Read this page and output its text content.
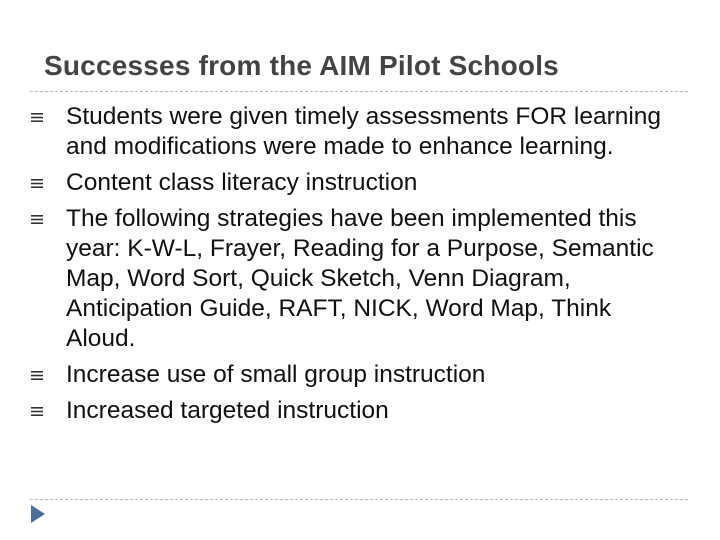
Successes from the AIM Pilot Schools
Students were given timely assessments FOR learning and modifications were made to enhance learning.
Content class literacy instruction
The following strategies have been implemented this year: K-W-L, Frayer, Reading for a Purpose, Semantic Map, Word Sort, Quick Sketch, Venn Diagram, Anticipation Guide, RAFT, NICK, Word Map, Think Aloud.
Increase use of small group instruction
Increased targeted instruction
